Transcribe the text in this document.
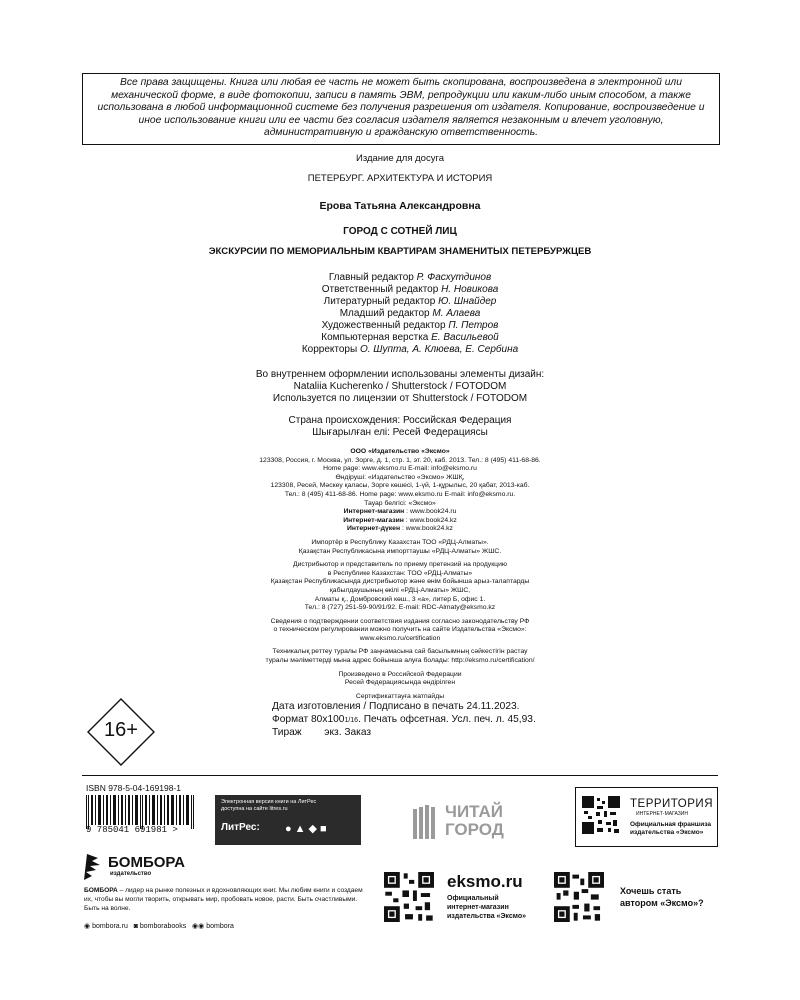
Все права защищены. Книга или любая ее часть не может быть скопирована, воспроизведена в электронной или механической форме, в виде фотокопии, записи в память ЭВМ, репродукции или каким-либо иным способом, а также использована в любой информационной системе без получения разрешения от издателя. Копирование, воспроизведение и иное использование книги или ее части без согласия издателя является незаконным и влечет уголовную, административную и гражданскую ответственность.
Издание для досуга
ПЕТЕРБУРГ. АРХИТЕКТУРА И ИСТОРИЯ
Ерова Татьяна Александровна
ГОРОД С СОТНЕЙ ЛИЦ
ЭКСКУРСИИ ПО МЕМОРИАЛЬНЫМ КВАРТИРАМ ЗНАМЕНИТЫХ ПЕТЕРБУРЖЦЕВ
Главный редактор Р. Фасхутдинов
Ответственный редактор Н. Новикова
Литературный редактор Ю. Шнайдер
Младший редактор М. Алаева
Художественный редактор П. Петров
Компьютерная верстка Е. Васильевой
Корректоры О. Шупта, А. Клюева, Е. Сербина
Во внутреннем оформлении использованы элементы дизайн:
Nataliia Kucherenko / Shutterstock / FOTODOM
Используется по лицензии от Shutterstock / FOTODOM
Страна происхождения: Российская Федерация
Шығарылған елі: Ресей Федерациясы

ООО «Издательство «Эксмо»

123308, Россия, г. Москва, ул. Зорге, д. 1, стр. 1, эт. 20, каб. 2013. Тел.: 8 (495) 411-68-86.

Home page: www.eksmo.ru E-mail: info@eksmo.ru

Өндіруші: «Издательство «Эксмо» ЖШҚ,

123308, Ресей, Мәскеу қаласы, Зорге көшесі, 1-үй, 1-құрылыс, 20 қабат, 2013-каб.

Тел.: 8 (495) 411-68-86. Home page: www.eksmo.ru E-mail: info@eksmo.ru.

Тауар белгісі: «Эксмо»

Интернет-магазин : www.book24.ru

Интернет-магазин : www.book24.kz

Интернет-дүкен : www.book24.kz

Импортёр в Республику Казахстан ТОО «РДЦ-Алматы».

Қазақстан Республикасына импорттаушы «РДЦ-Алматы» ЖШС.

Дистрибьютор и представитель по приему претензий на продукцию

в Республике Казахстан: ТОО «РДЦ-Алматы»

Қазақстан Республикасында дистрибьютор және өнім бойынша арыз-талаптарды

қабылдаушының өкілі «РДЦ-Алматы» ЖШС,

Алматы қ., Домбровский көш., 3 «а», литер Б, офис 1.

Тел.: 8 (727) 251-59-90/91/92. E-mail: RDC-Almaty@eksmo.kz

Сведения о подтверждении соответствия издания согласно законодательству РФ

о техническом регулировании можно получить на сайте Издательства «Эксмо»:

www.eksmo.ru/certification

Техникалық реттеу туралы РФ заңнамасына сай басылымның сәйкестігін растау

туралы мәліметтерді мына адрес бойынша алуға болады: http://eksmo.ru/certification/

Произведено в Российской Федерации

Ресей Федерациясында өндірілген

Сертификаттауға жатпайды

Дата изготовления / Подписано в печать 24.11.2023.
Формат 80х1001/16. Печать офсетная. Усл. печ. л. 45,93.
Тираж        экз. Заказ
16+
ISBN 978-5-04-169198-1
9 785041 691981 >
Электронная версия книги на ЛитРес
доступна на сайте litres.ru
ЛитРес: ●▲◆■
ЧИТАЙ
ГОРОД
ТЕРРИТОРИЯ
ИНТЕРНЕТ-МАГАЗИН
Официальная франшиза
издательства «Эксмо»
БОМБОРА
издательство
БОМБОРА – лидер на рынке полезных и вдохновляющих книг. Мы любим книги и создаем их, чтобы вы могли творить, открывать мир, пробовать новое, расти. Быть счастливыми. Быть на волне.
◉ bombora.ru ◙ bomborabooks ◉◉ bombora
eksmo.ru
Официальный
интернет-магазин
издательства «Эксмо»
Хочешь стать
автором «Эксмо»?
